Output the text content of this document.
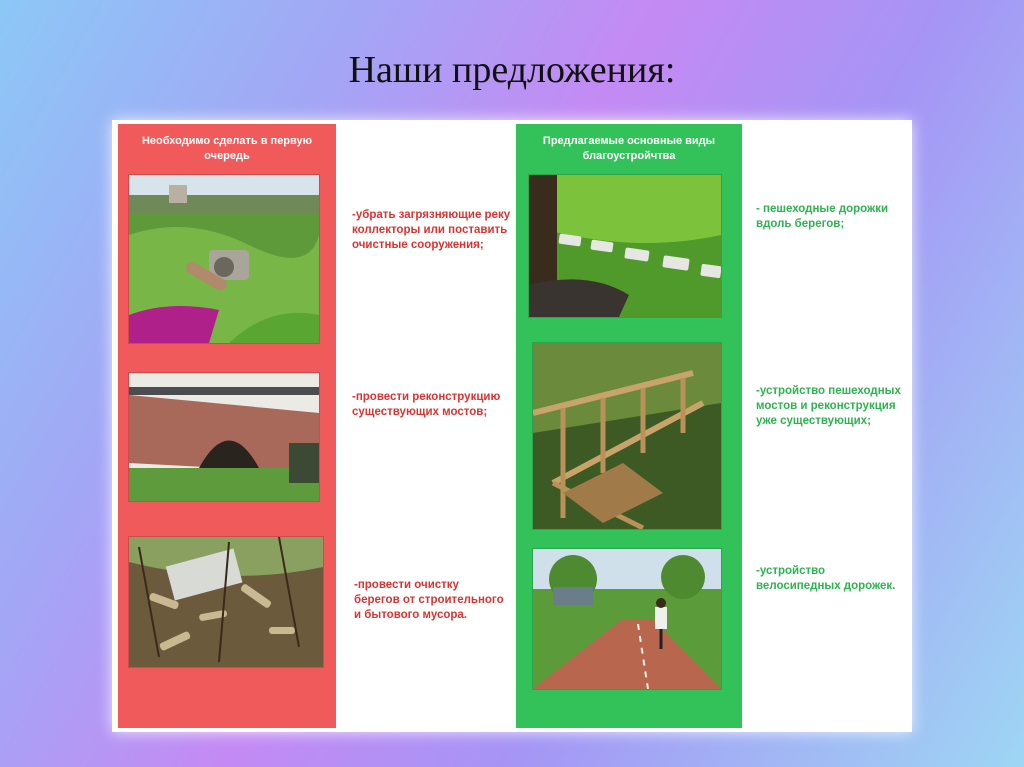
Наши предложения:
Необходимо сделать в первую очередь
-убрать загрязняющие реку коллекторы или поставить очистные сооружения;
-провести реконструкцию существующих мостов;
-провести очистку берегов от строительного и бытового мусора.
Предлагаемые основные виды благоустройчтва
- пешеходные дорожки вдоль берегов;
-устройство пешеходных мостов и реконструкция уже существующих;
-устройство велосипедных дорожек.
